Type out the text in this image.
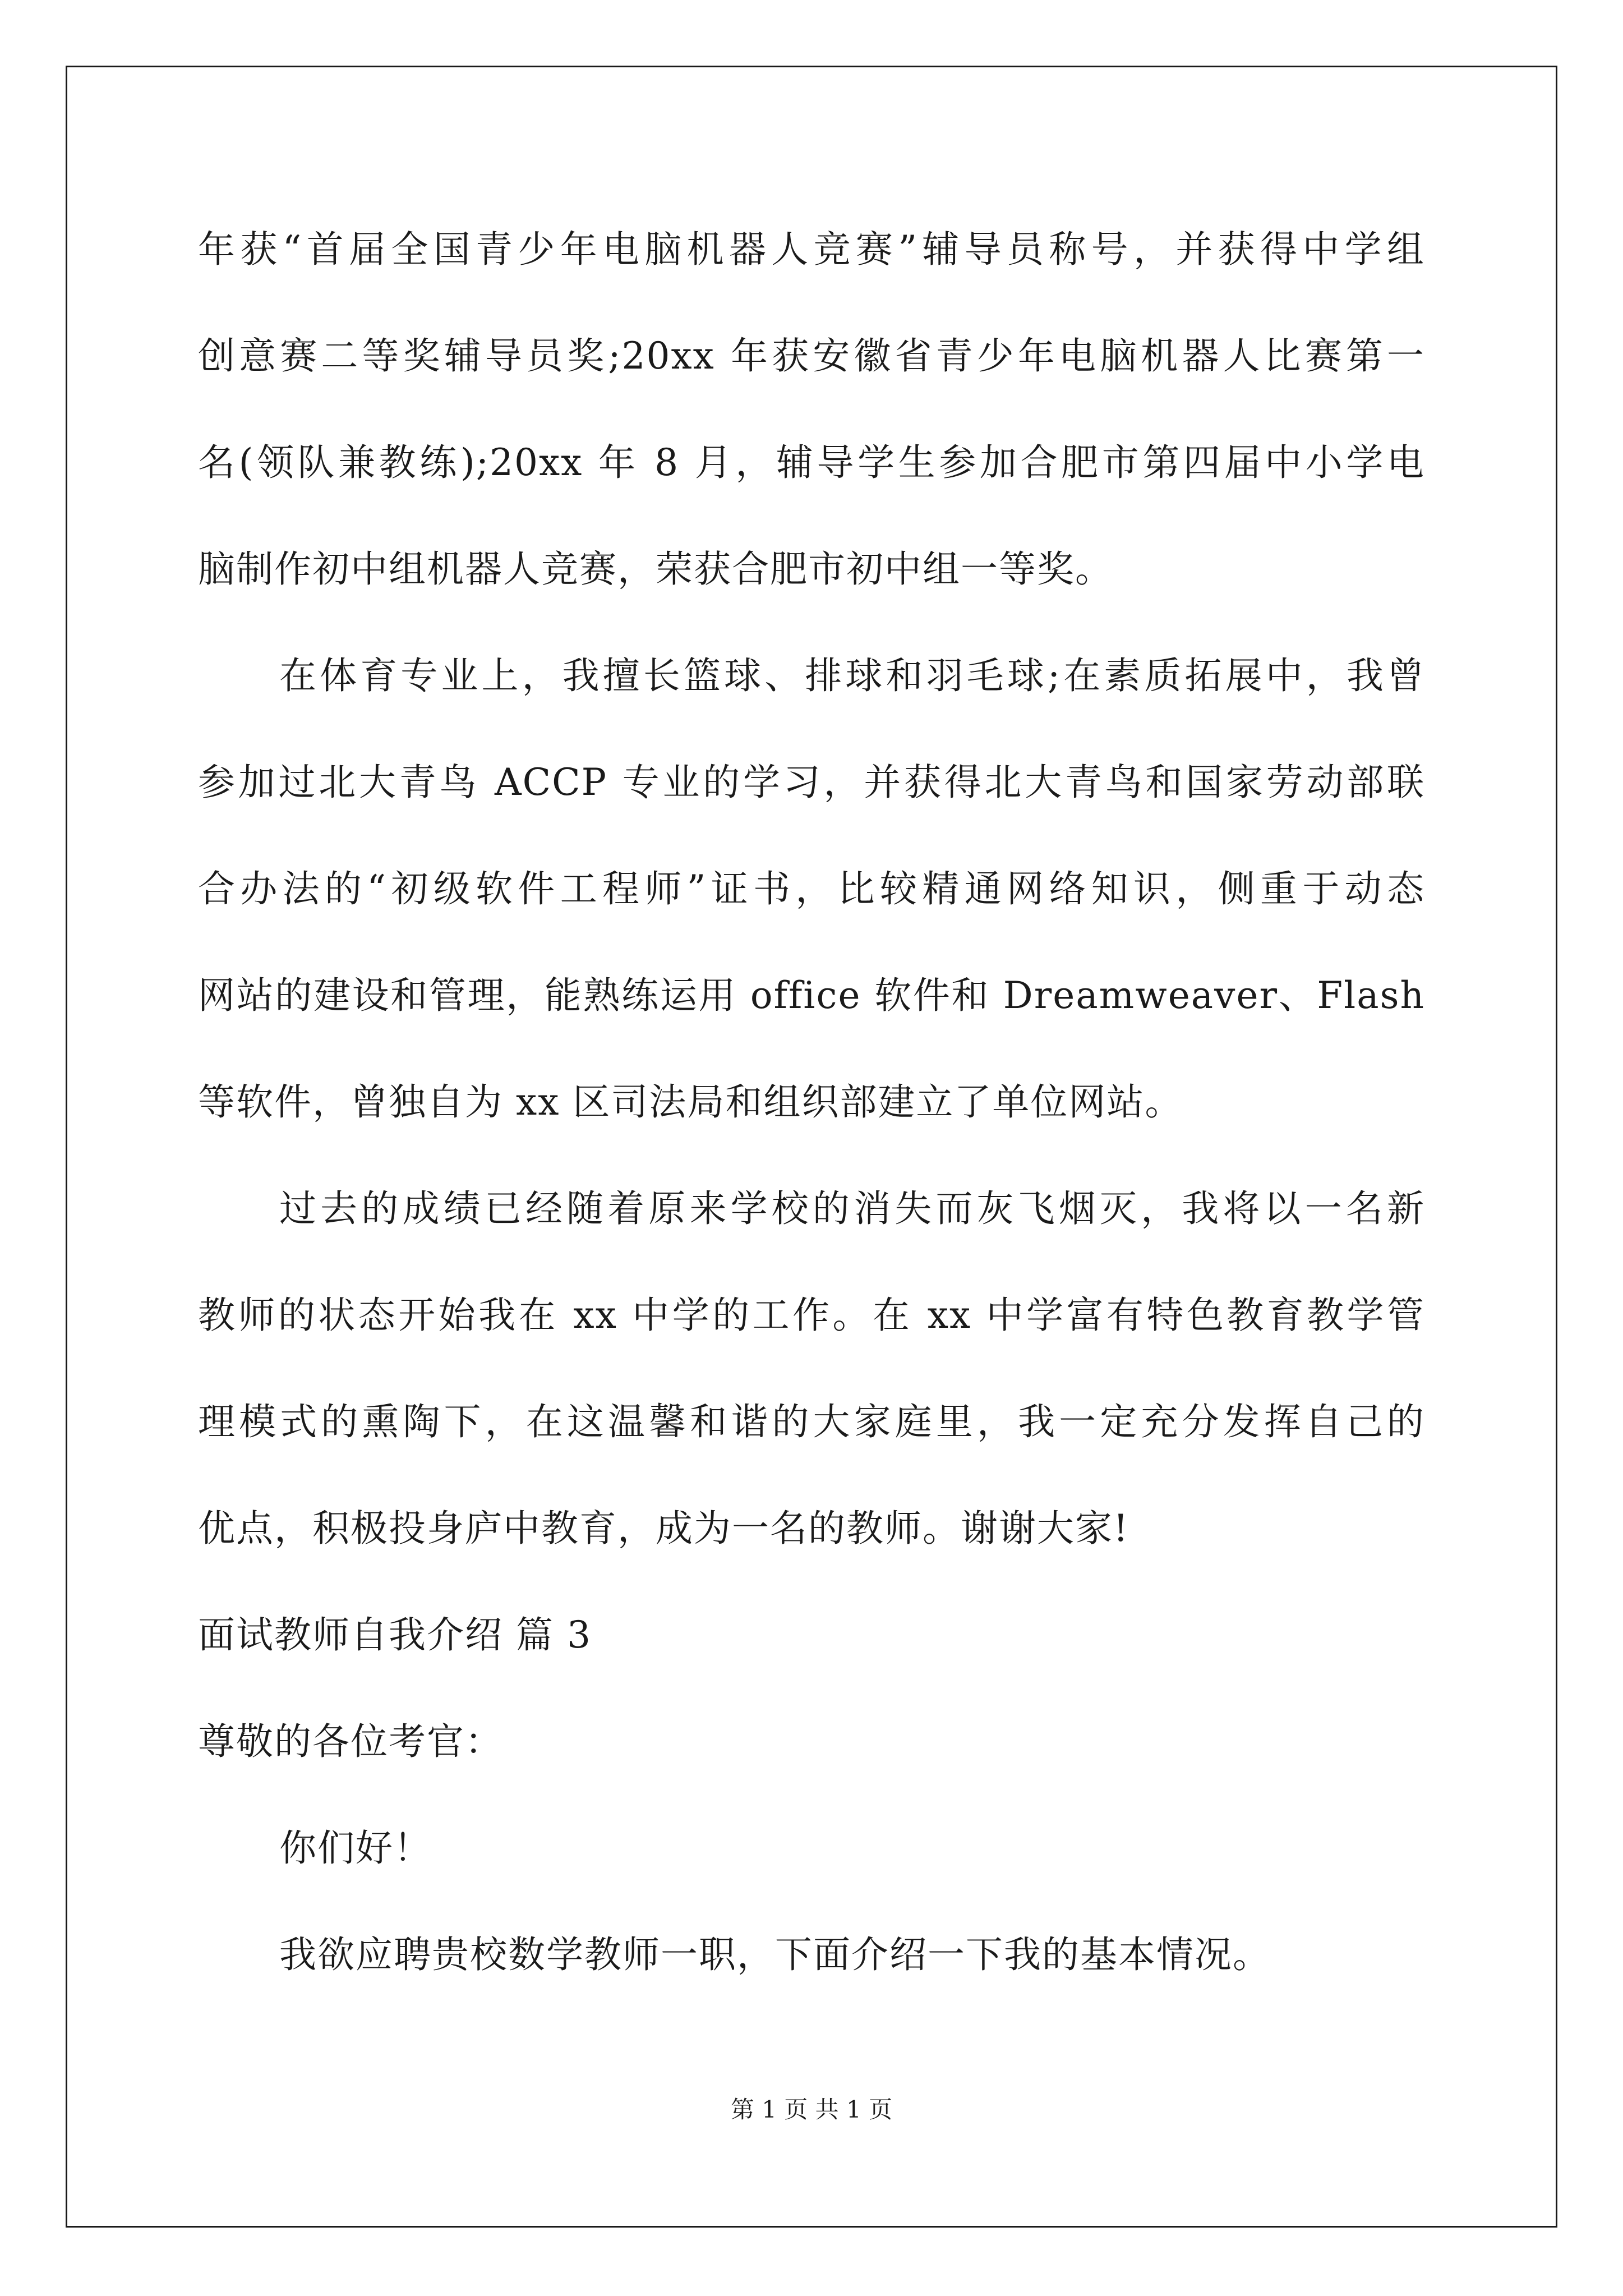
年获“首届全国青少年电脑机器人竞赛”辅导员称号，并获得中学组
创意赛二等奖辅导员奖;20xx 年获安徽省青少年电脑机器人比赛第一
名(领队兼教练);20xx 年 8 月，辅导学生参加合肥市第四届中小学电
脑制作初中组机器人竞赛，荣获合肥市初中组一等奖。
在体育专业上，我擅长篮球、排球和羽毛球;在素质拓展中，我曾
参加过北大青鸟 ACCP 专业的学习，并获得北大青鸟和国家劳动部联
合办法的“初级软件工程师”证书，比较精通网络知识，侧重于动态
网站的建设和管理，能熟练运用 office 软件和 Dreamweaver、Flash
等软件，曾独自为 xx 区司法局和组织部建立了单位网站。
过去的成绩已经随着原来学校的消失而灰飞烟灭，我将以一名新
教师的状态开始我在 xx 中学的工作。在 xx 中学富有特色教育教学管
理模式的熏陶下，在这温馨和谐的大家庭里，我一定充分发挥自己的
优点，积极投身庐中教育，成为一名的教师。谢谢大家!
面试教师自我介绍 篇 3
尊敬的各位考官：
你们好！
我欲应聘贵校数学教师一职，下面介绍一下我的基本情况。
第 1 页 共 1 页
